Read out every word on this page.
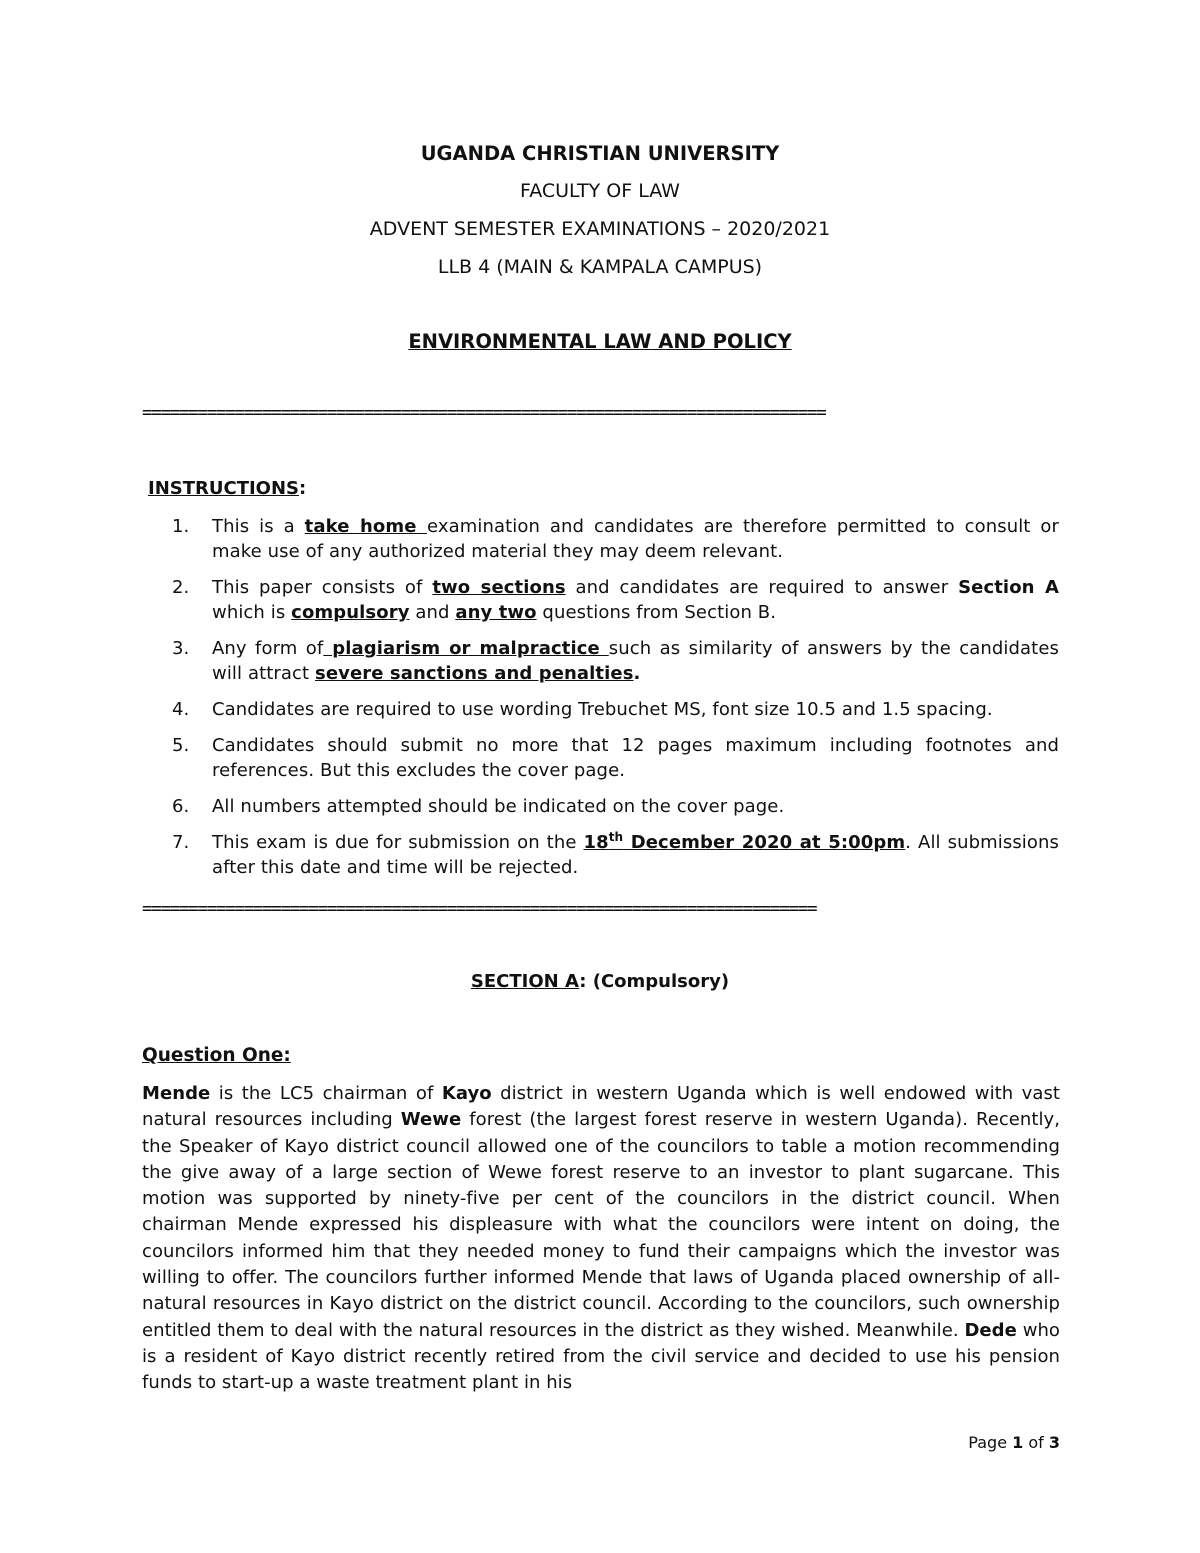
UGANDA CHRISTIAN UNIVERSITY
FACULTY OF LAW
ADVENT SEMESTER EXAMINATIONS – 2020/2021
LLB 4 (MAIN & KAMPALA CAMPUS)
ENVIRONMENTAL LAW AND POLICY
==========================================================================
INSTRUCTIONS:
1. This is a take home examination and candidates are therefore permitted to consult or make use of any authorized material they may deem relevant.
2. This paper consists of two sections and candidates are required to answer Section A which is compulsory and any two questions from Section B.
3. Any form of plagiarism or malpractice such as similarity of answers by the candidates will attract severe sanctions and penalties.
4. Candidates are required to use wording Trebuchet MS, font size 10.5 and 1.5 spacing.
5. Candidates should submit no more that 12 pages maximum including footnotes and references. But this excludes the cover page.
6. All numbers attempted should be indicated on the cover page.
7. This exam is due for submission on the 18th December 2020 at 5:00pm. All submissions after this date and time will be rejected.
=========================================================================
SECTION A: (Compulsory)
Question One:
Mende is the LC5 chairman of Kayo district in western Uganda which is well endowed with vast natural resources including Wewe forest (the largest forest reserve in western Uganda). Recently, the Speaker of Kayo district council allowed one of the councilors to table a motion recommending the give away of a large section of Wewe forest reserve to an investor to plant sugarcane. This motion was supported by ninety-five per cent of the councilors in the district council. When chairman Mende expressed his displeasure with what the councilors were intent on doing, the councilors informed him that they needed money to fund their campaigns which the investor was willing to offer. The councilors further informed Mende that laws of Uganda placed ownership of all-natural resources in Kayo district on the district council. According to the councilors, such ownership entitled them to deal with the natural resources in the district as they wished. Meanwhile. Dede who is a resident of Kayo district recently retired from the civil service and decided to use his pension funds to start-up a waste treatment plant in his
Page 1 of 3
